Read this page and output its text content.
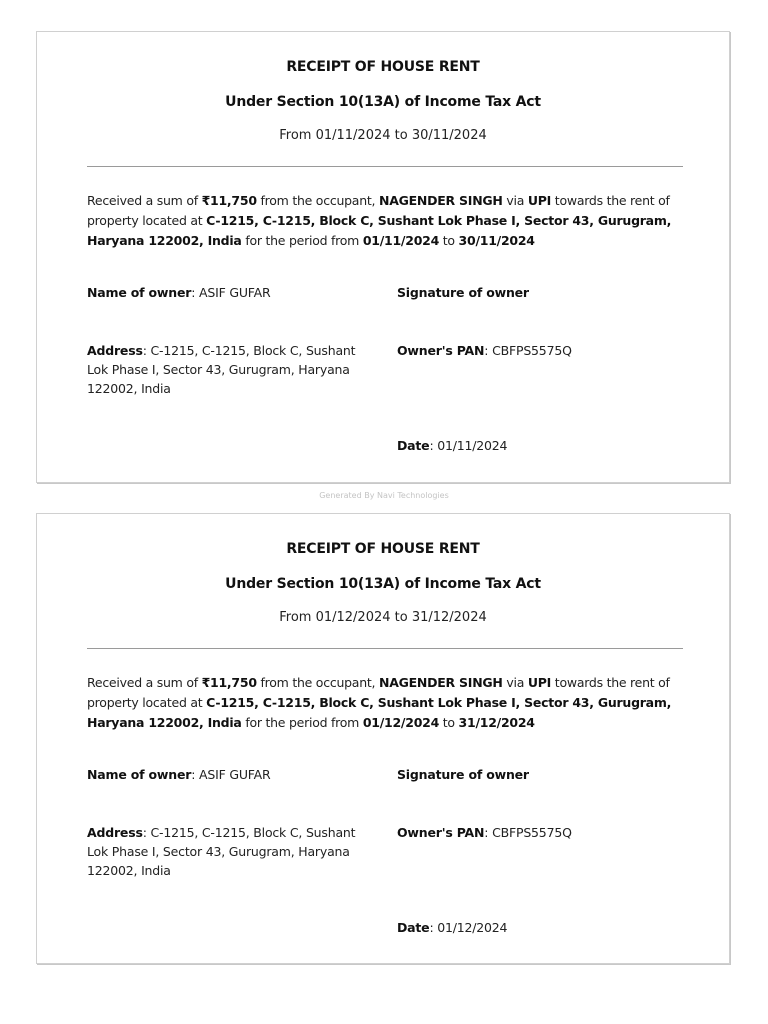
RECEIPT OF HOUSE RENT
Under Section 10(13A) of Income Tax Act
From 01/11/2024 to 30/11/2024
Received a sum of ₹11,750 from the occupant, NAGENDER SINGH via UPI towards the rent of property located at C-1215, C-1215, Block C, Sushant Lok Phase I, Sector 43, Gurugram, Haryana 122002, India for the period from 01/11/2024 to 30/11/2024
Name of owner: ASIF GUFAR	Signature of owner
Address: C-1215, C-1215, Block C, Sushant Lok Phase I, Sector 43, Gurugram, Haryana 122002, India
Owner's PAN: CBFPS5575Q
Date: 01/11/2024
Generated By Navi Technologies
RECEIPT OF HOUSE RENT
Under Section 10(13A) of Income Tax Act
From 01/12/2024 to 31/12/2024
Received a sum of ₹11,750 from the occupant, NAGENDER SINGH via UPI towards the rent of property located at C-1215, C-1215, Block C, Sushant Lok Phase I, Sector 43, Gurugram, Haryana 122002, India for the period from 01/12/2024 to 31/12/2024
Name of owner: ASIF GUFAR	Signature of owner
Address: C-1215, C-1215, Block C, Sushant Lok Phase I, Sector 43, Gurugram, Haryana 122002, India
Owner's PAN: CBFPS5575Q
Date: 01/12/2024
